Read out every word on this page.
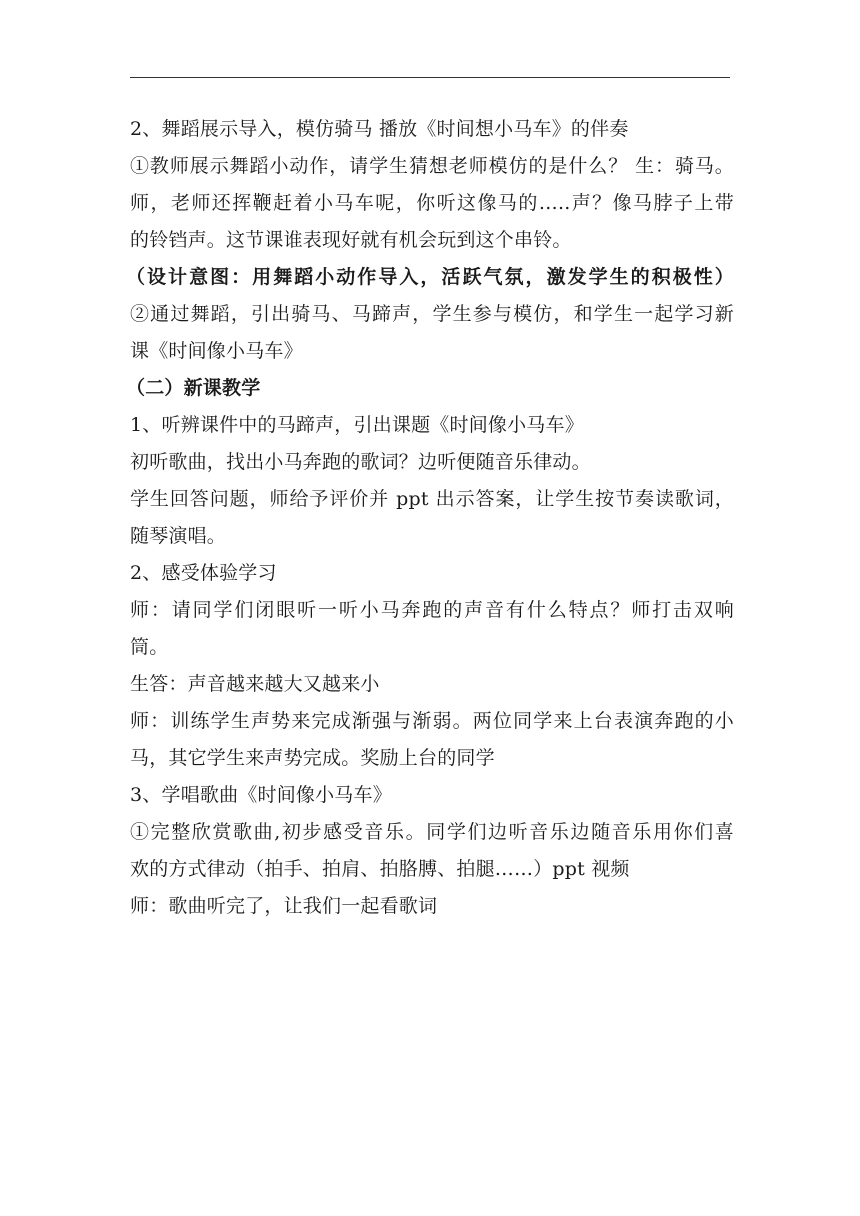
2、舞蹈展示导入，模仿骑马 播放《时间想小马车》的伴奏
①教师展示舞蹈小动作，请学生猜想老师模仿的是什么？ 生：骑马。
师，老师还挥鞭赶着小马车呢，你听这像马的…..声？像马脖子上带
的铃铛声。这节课谁表现好就有机会玩到这个串铃。
（设计意图：用舞蹈小动作导入，活跃气氛，激发学生的积极性）
②通过舞蹈，引出骑马、马蹄声，学生参与模仿，和学生一起学习新
课《时间像小马车》
（二）新课教学
1、听辨课件中的马蹄声，引出课题《时间像小马车》
初听歌曲，找出小马奔跑的歌词？边听便随音乐律动。
学生回答问题，师给予评价并 ppt 出示答案，让学生按节奏读歌词，
随琴演唱。
2、感受体验学习
师：请同学们闭眼听一听小马奔跑的声音有什么特点？师打击双响
筒。
生答：声音越来越大又越来小
师：训练学生声势来完成渐强与渐弱。两位同学来上台表演奔跑的小
马，其它学生来声势完成。奖励上台的同学
3、学唱歌曲《时间像小马车》
①完整欣赏歌曲,初步感受音乐。同学们边听音乐边随音乐用你们喜
欢的方式律动（拍手、拍肩、拍胳膊、拍腿……）ppt 视频
师：歌曲听完了，让我们一起看歌词
